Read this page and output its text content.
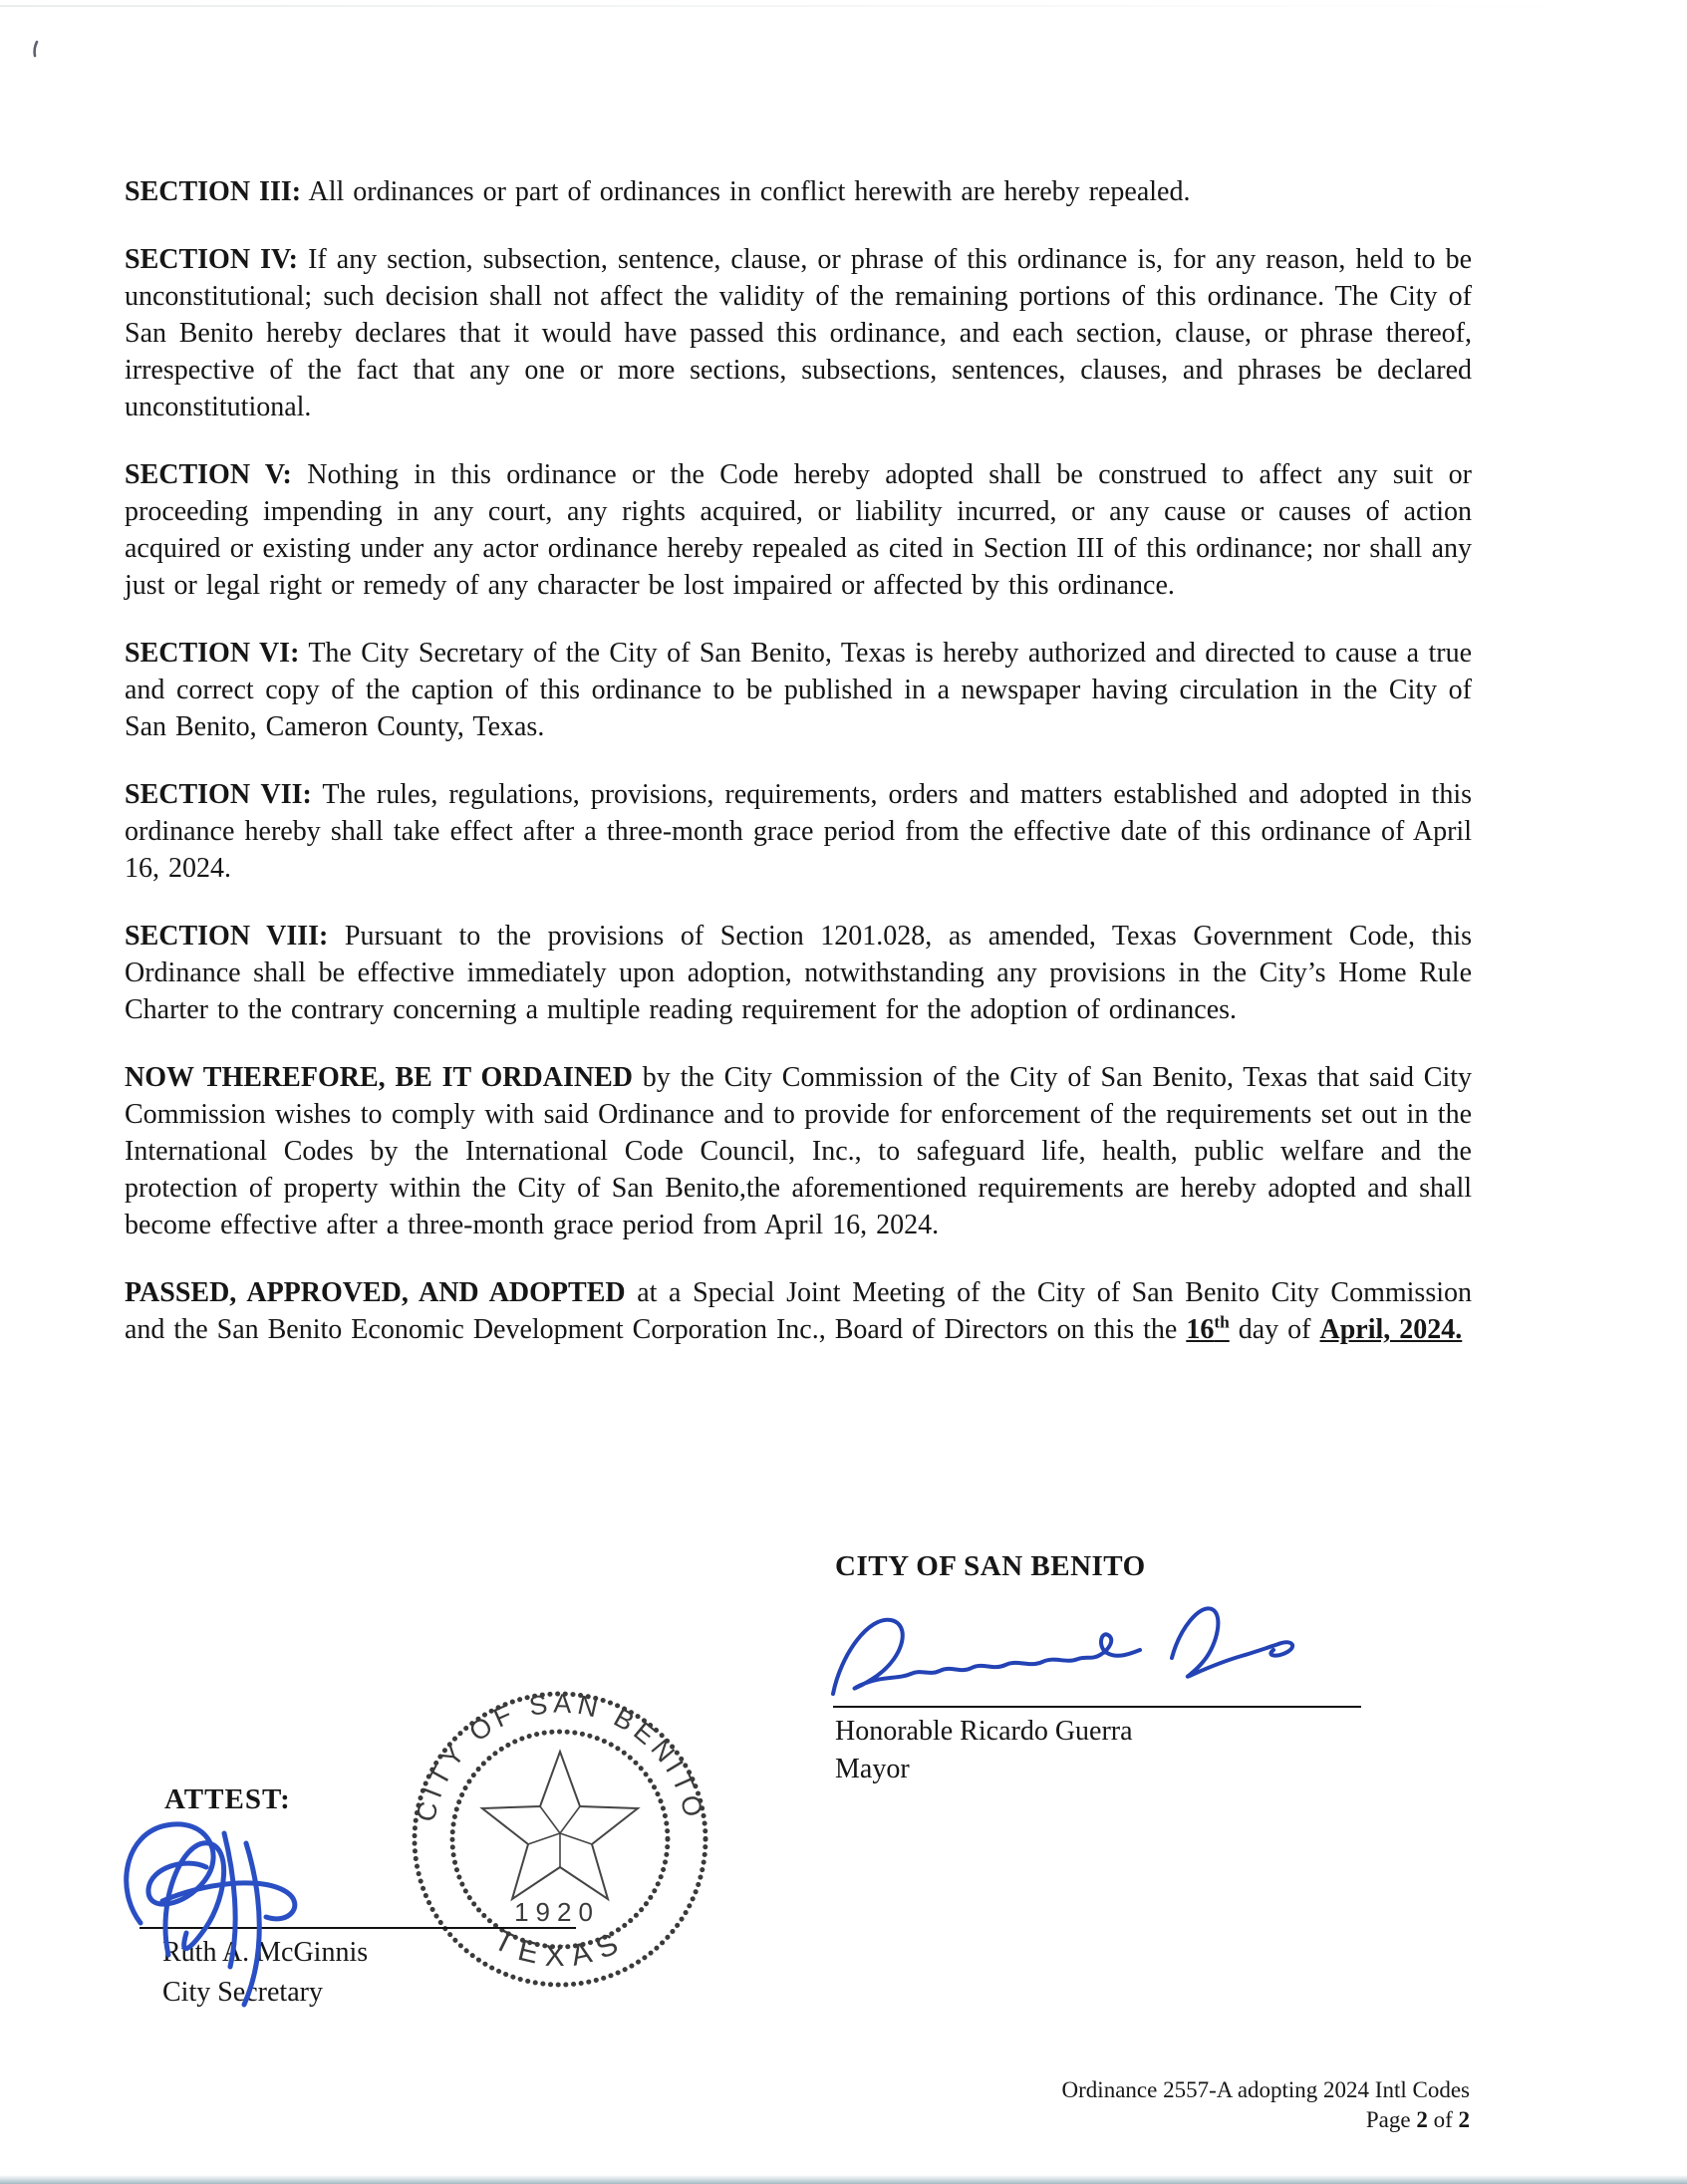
SECTION III: All ordinances or part of ordinances in conflict herewith are hereby repealed.

SECTION IV: If any section, subsection, sentence, clause, or phrase of this ordinance is, for any reason, held to be unconstitutional; such decision shall not affect the validity of the remaining portions of this ordinance. The City of San Benito hereby declares that it would have passed this ordinance, and each section, clause, or phrase thereof, irrespective of the fact that any one or more sections, subsections, sentences, clauses, and phrases be declared unconstitutional.

SECTION V: Nothing in this ordinance or the Code hereby adopted shall be construed to affect any suit or proceeding impending in any court, any rights acquired, or liability incurred, or any cause or causes of action acquired or existing under any actor ordinance hereby repealed as cited in Section III of this ordinance; nor shall any just or legal right or remedy of any character be lost impaired or affected by this ordinance.

SECTION VI: The City Secretary of the City of San Benito, Texas is hereby authorized and directed to cause a true and correct copy of the caption of this ordinance to be published in a newspaper having circulation in the City of San Benito, Cameron County, Texas.

SECTION VII: The rules, regulations, provisions, requirements, orders and matters established and adopted in this ordinance hereby shall take effect after a three-month grace period from the effective date of this ordinance of April 16, 2024.

SECTION VIII: Pursuant to the provisions of Section 1201.028, as amended, Texas Government Code, this Ordinance shall be effective immediately upon adoption, notwithstanding any provisions in the City’s Home Rule Charter to the contrary concerning a multiple reading requirement for the adoption of ordinances.

NOW THEREFORE, BE IT ORDAINED by the City Commission of the City of San Benito, Texas that said City Commission wishes to comply with said Ordinance and to provide for enforcement of the requirements set out in the International Codes by the International Code Council, Inc., to safeguard life, health, public welfare and the protection of property within the City of San Benito,the aforementioned requirements are hereby adopted and shall become effective after a three-month grace period from April 16, 2024.

PASSED, APPROVED, AND ADOPTED at a Special Joint Meeting of the City of San Benito City Commission and the San Benito Economic Development Corporation Inc., Board of Directors on this the 16th day of April, 2024.

CITY OF SAN BENITO
Honorable Ricardo Guerra
Mayor
ATTEST:
1920
CITY OF SAN BENITO
TEXAS
Ruth A. McGinnis
City Secretary
Ordinance 2557-A adopting 2024 Intl Codes
Page 2 of 2
